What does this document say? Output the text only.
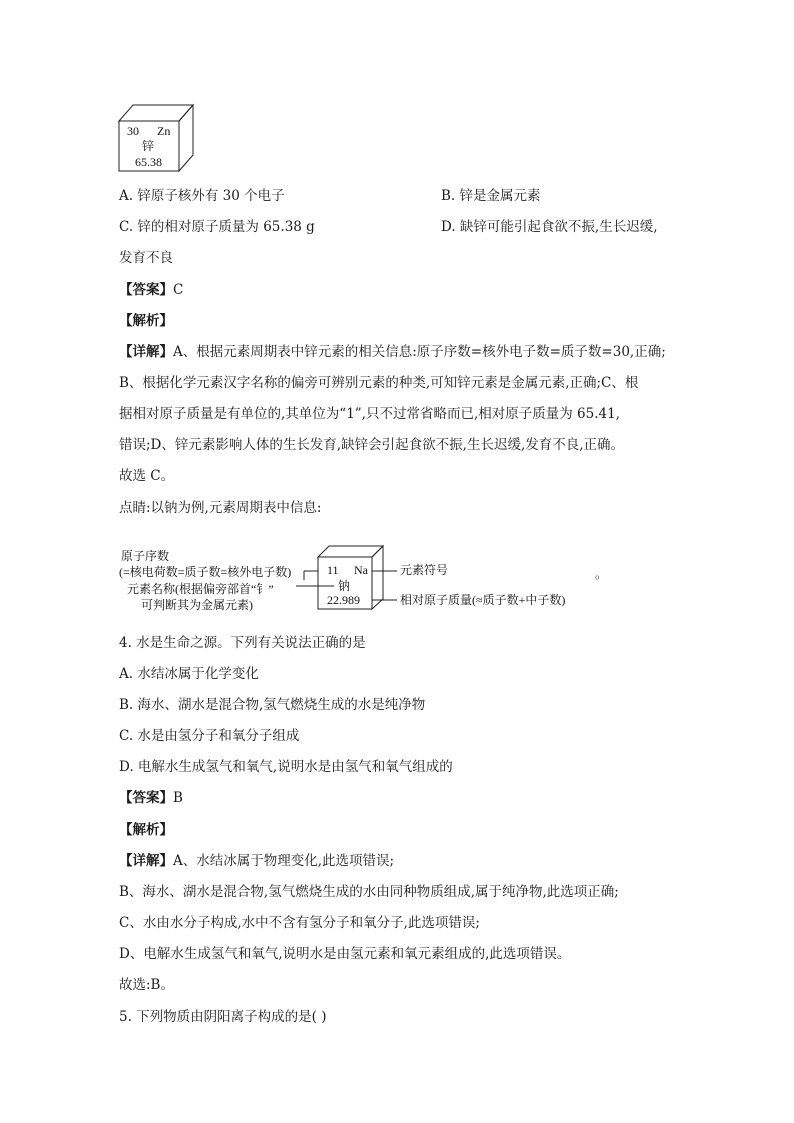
30 Zn
锌
65.38

A. 锌原子核外有 30 个电子	B. 锌是金属元素

C. 锌的相对原子质量为 65.38 g	D. 缺锌可能引起食欲不振,生长迟缓,

发育不良

【答案】C

【解析】

【详解】A、根据元素周期表中锌元素的相关信息:原子序数=核外电子数=质子数=30,正确;

B、根据化学元素汉字名称的偏旁可辨别元素的种类,可知锌元素是金属元素,正确;C、根

据相对原子质量是有单位的,其单位为“1”,只不过常省略而已,相对原子质量为 65.41,

错误;D、锌元素影响人体的生长发育,缺锌会引起食欲不振,生长迟缓,发育不良,正确。

故选 C。

点睛:以钠为例,元素周期表中信息:

原子序数
(=核电荷数=质子数=核外电子数)
元素名称(根据偏旁部首“钅”
可判断其为金属元素)
11 Na
钠
22.989
元素符号
相对原子质量(≈质子数+中子数)
。

4. 水是生命之源。下列有关说法正确的是

A. 水结冰属于化学变化

B. 海水、湖水是混合物,氢气燃烧生成的水是纯净物

C. 水是由氢分子和氧分子组成

D. 电解水生成氢气和氧气,说明水是由氢气和氧气组成的

【答案】B

【解析】

【详解】A、水结冰属于物理变化,此选项错误;

B、海水、湖水是混合物,氢气燃烧生成的水由同种物质组成,属于纯净物,此选项正确;

C、水由水分子构成,水中不含有氢分子和氧分子,此选项错误;

D、电解水生成氢气和氧气,说明水是由氢元素和氧元素组成的,此选项错误。

故选:B。

5. 下列物质由阴阳离子构成的是( )
